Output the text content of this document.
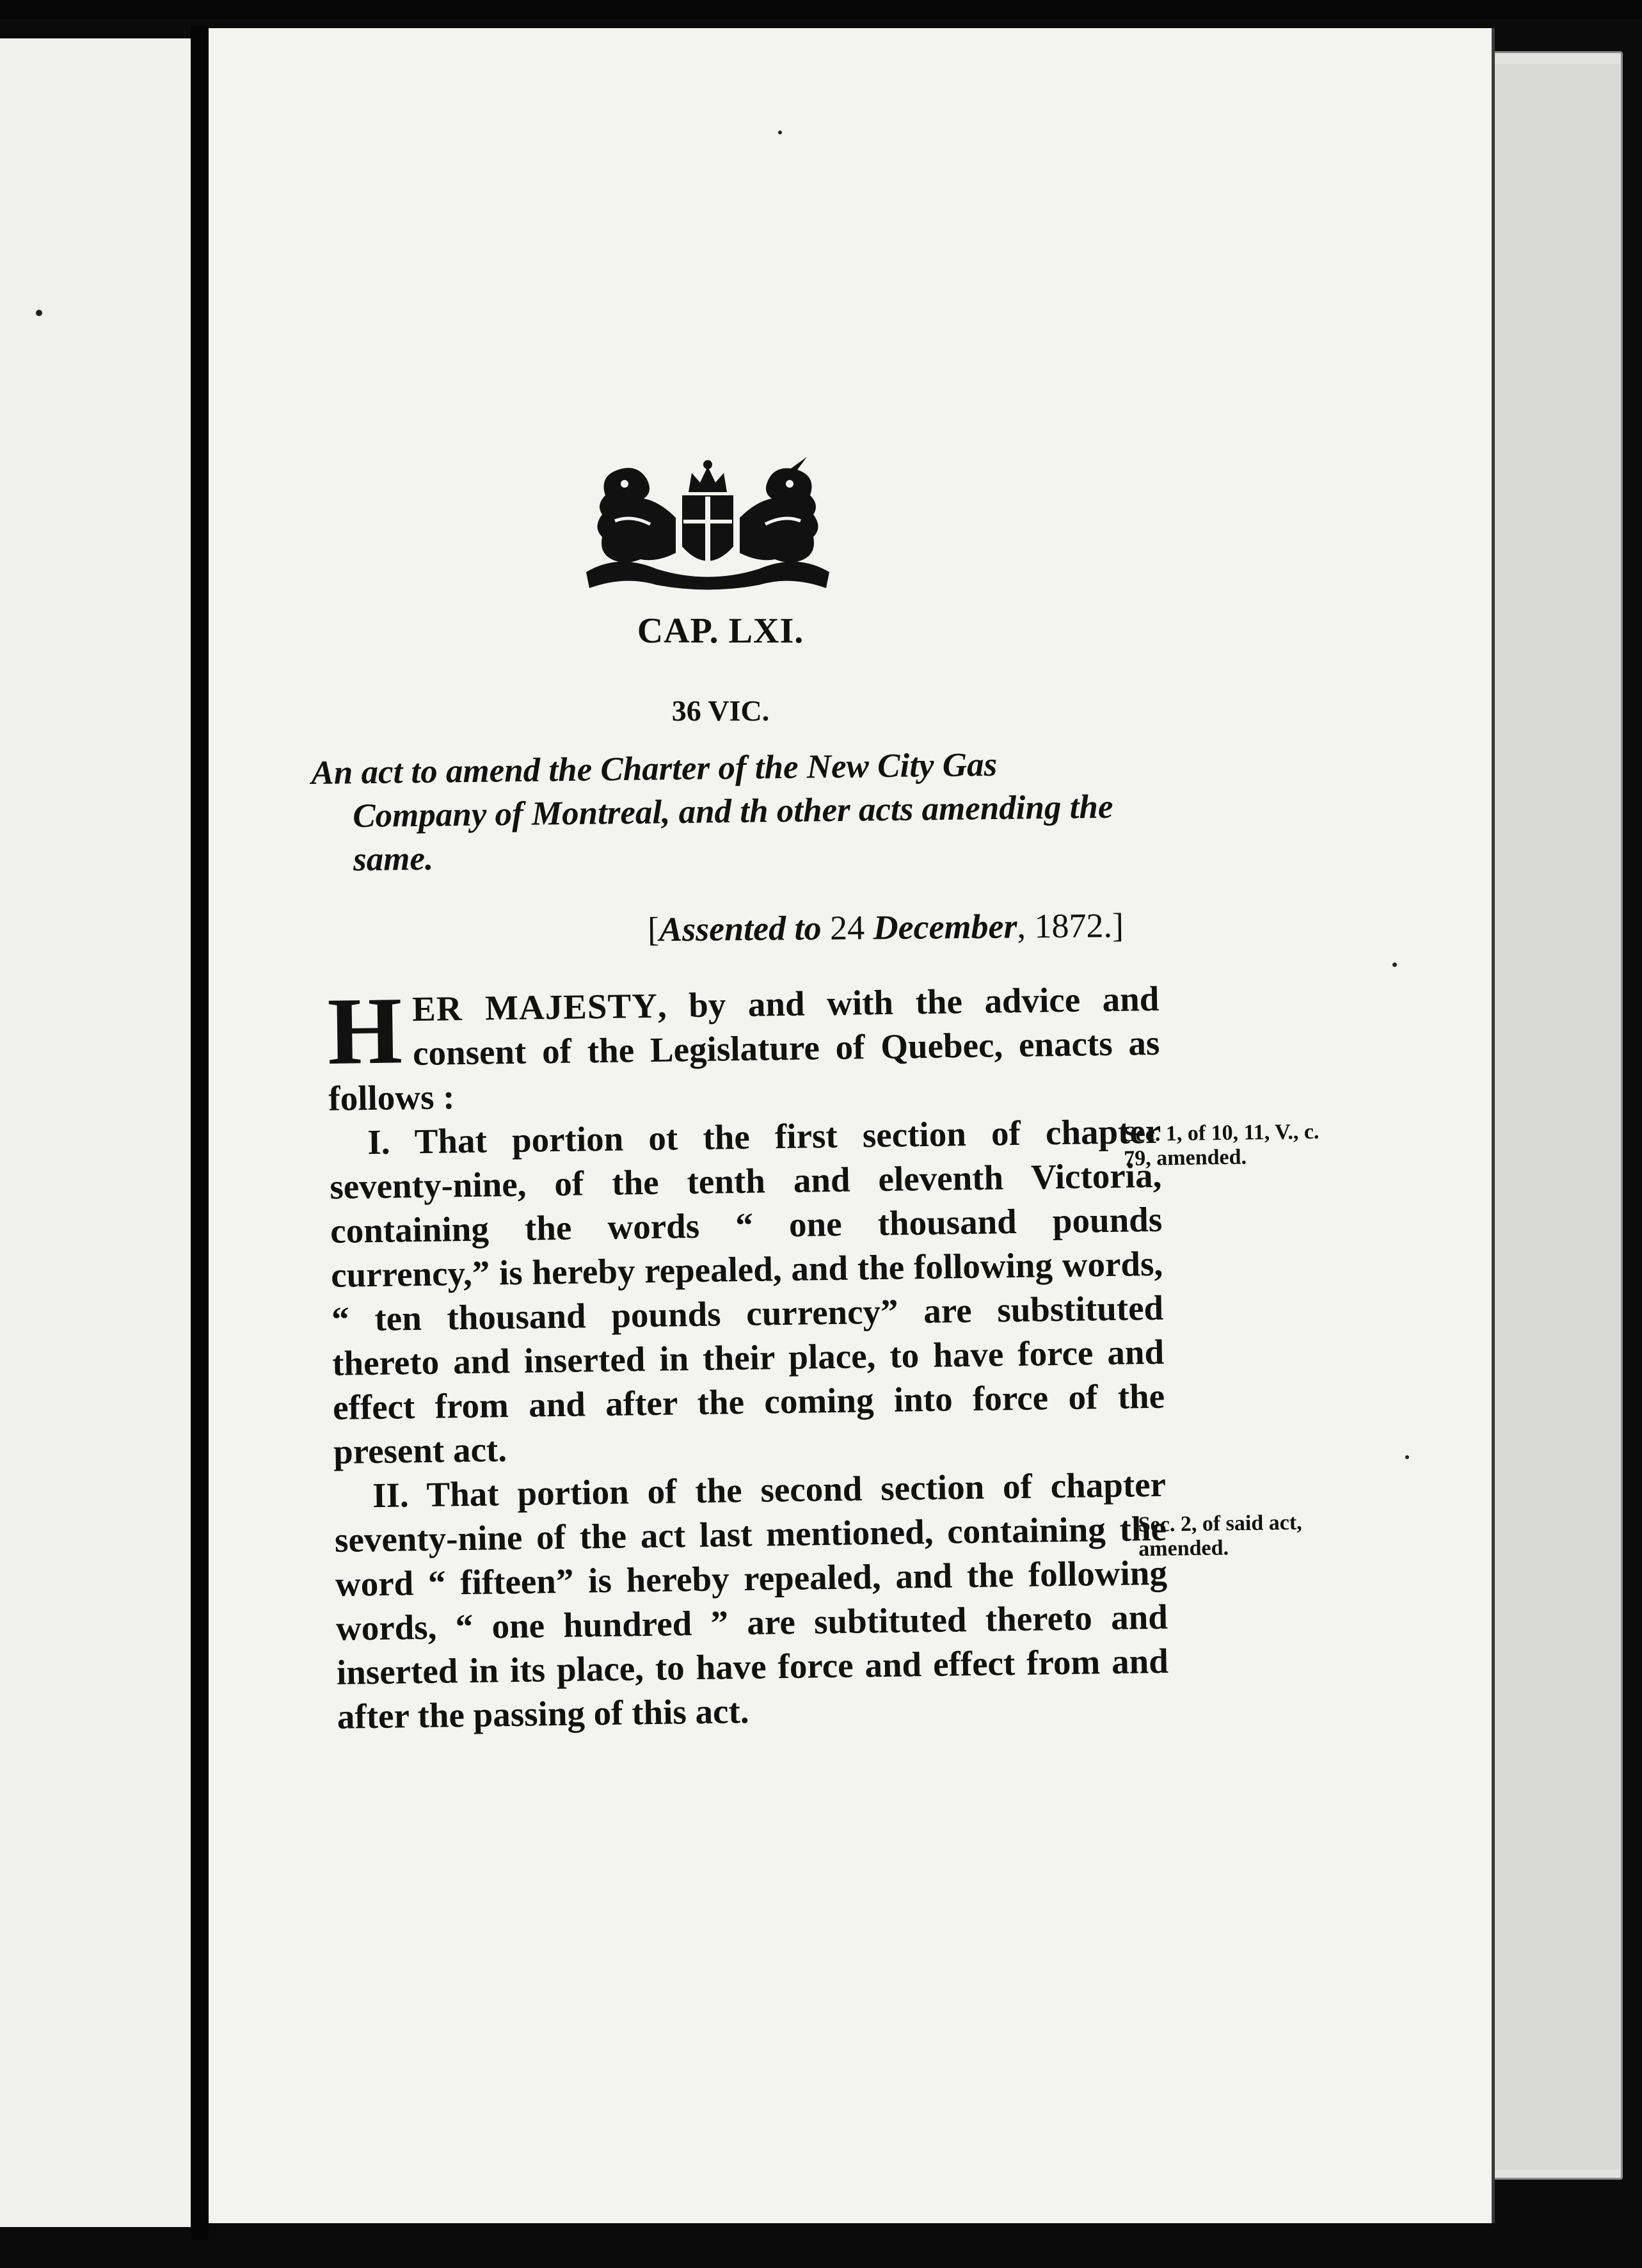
CAP. LXI.
36 VIC.

An act to amend the Charter of the New City Gas Company of Montreal, and th other acts amending the same.

[Assented to 24 December, 1872.]

HER MAJESTY, by and with the advice and consent of the Legislature of Quebec, enacts as follows :

I. That portion ot the first section of chapter seventy-nine, of the tenth and eleventh Victoria, containing the words “ one thousand pounds currency,” is hereby repealed, and the following words, “ ten thousand pounds currency” are substituted thereto and inserted in their place, to have force and effect from and after the coming into force of the present act.

II. That portion of the second section of chapter seventy-nine of the act last mentioned, containing the word “ fifteen” is hereby repealed, and the following words, “ one hundred ” are subtituted thereto and inserted in its place, to have force and effect from and after the passing of this act.

Sec. 1, of 10, 11, V., c. 79, amended.
Sec. 2, of said act, amended.
